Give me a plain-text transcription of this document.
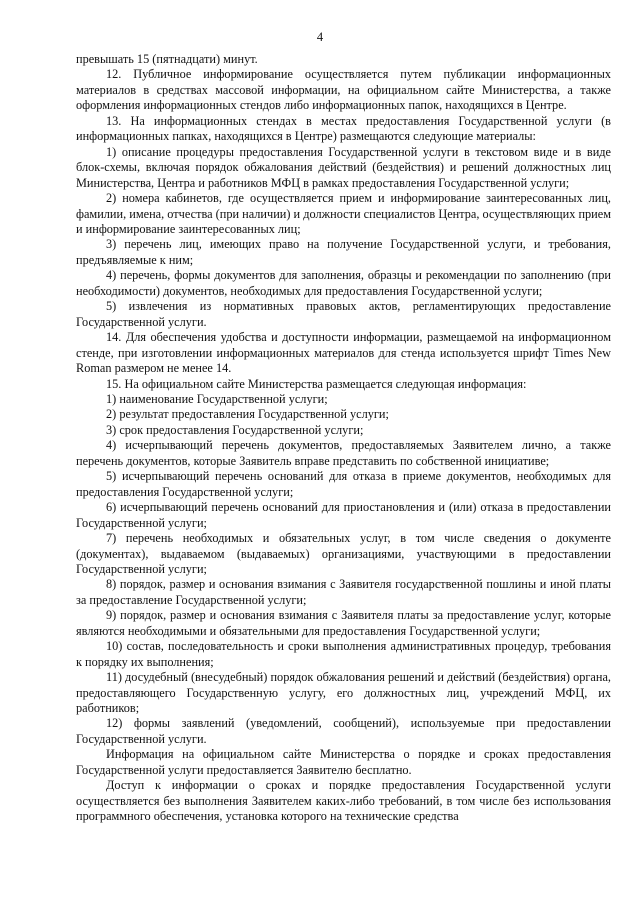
4

превышать 15 (пятнадцати) минут.

12. Публичное информирование осуществляется путем публикации информационных материалов в средствах массовой информации, на официальном сайте Министерства, а также оформления информационных стендов либо информационных папок, находящихся в Центре.

13. На информационных стендах в местах предоставления Государственной услуги (в информационных папках, находящихся в Центре) размещаются следующие материалы:

1) описание процедуры предоставления Государственной услуги в текстовом виде и в виде блок-схемы, включая порядок обжалования действий (бездействия) и решений должностных лиц Министерства, Центра и работников МФЦ в рамках предоставления Государственной услуги;

2) номера кабинетов, где осуществляется прием и информирование заинтересованных лиц, фамилии, имена, отчества (при наличии) и должности специалистов Центра, осуществляющих прием и информирование заинтересованных лиц;

3) перечень лиц, имеющих право на получение Государственной услуги, и требования, предъявляемые к ним;

4) перечень, формы документов для заполнения, образцы и рекомендации по заполнению (при необходимости) документов, необходимых для предоставления Государственной услуги;

5) извлечения из нормативных правовых актов, регламентирующих предоставление Государственной услуги.

14. Для обеспечения удобства и доступности информации, размещаемой на информационном стенде, при изготовлении информационных материалов для стенда используется шрифт Times New Roman размером не менее 14.

15. На официальном сайте Министерства размещается следующая информация:

1) наименование Государственной услуги;

2) результат предоставления Государственной услуги;

3) срок предоставления Государственной услуги;

4) исчерпывающий перечень документов, предоставляемых Заявителем лично, а также перечень документов, которые Заявитель вправе представить по собственной инициативе;

5) исчерпывающий перечень оснований для отказа в приеме документов, необходимых для предоставления Государственной услуги;

6) исчерпывающий перечень оснований для приостановления и (или) отказа в предоставлении Государственной услуги;

7) перечень необходимых и обязательных услуг, в том числе сведения о документе (документах), выдаваемом (выдаваемых) организациями, участвующими в предоставлении Государственной услуги;

8) порядок, размер и основания взимания с Заявителя государственной пошлины и иной платы за предоставление Государственной услуги;

9) порядок, размер и основания взимания с Заявителя платы за предоставление услуг, которые являются необходимыми и обязательными для предоставления Государственной услуги;

10) состав, последовательность и сроки выполнения административных процедур, требования к порядку их выполнения;

11) досудебный (внесудебный) порядок обжалования решений и действий (бездействия) органа, предоставляющего Государственную услугу, его должностных лиц, учреждений МФЦ, их работников;

12) формы заявлений (уведомлений, сообщений), используемые при предоставлении Государственной услуги.

Информация на официальном сайте Министерства о порядке и сроках предоставления Государственной услуги предоставляется Заявителю бесплатно.

Доступ к информации о сроках и порядке предоставления Государственной услуги осуществляется без выполнения Заявителем каких-либо требований, в том числе без использования программного обеспечения, установка которого на технические средства
